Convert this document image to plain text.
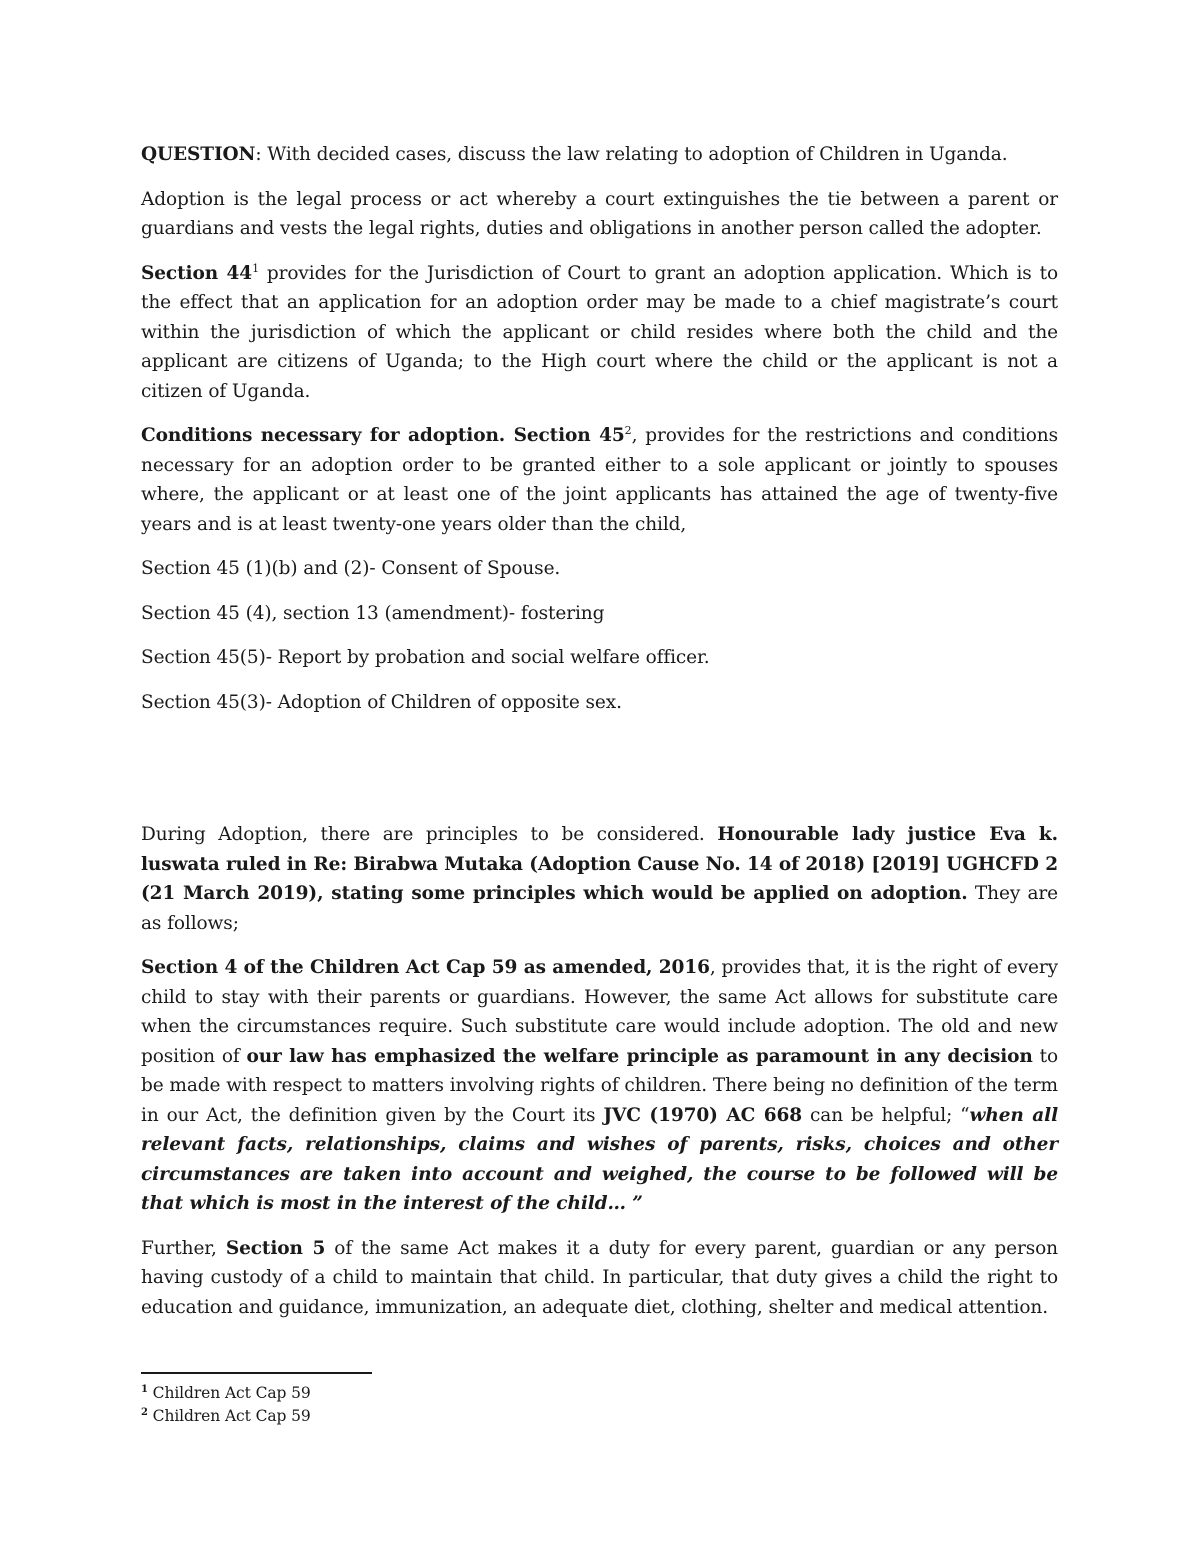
QUESTION: With decided cases, discuss the law relating to adoption of Children in Uganda.

Adoption is the legal process or act whereby a court extinguishes the tie between a parent or guardians and vests the legal rights, duties and obligations in another person called the adopter.

Section $44^1$ provides for the Jurisdiction of Court to grant an adoption application. Which is to the effect that an application for an adoption order may be made to a chief magistrate’s court within the jurisdiction of which the applicant or child resides where both the child and the applicant are citizens of Uganda; to the High court where the child or the applicant is not a citizen of Uganda.

Conditions necessary for adoption. Section $45^2$, provides for the restrictions and conditions necessary for an adoption order to be granted either to a sole applicant or jointly to spouses where, the applicant or at least one of the joint applicants has attained the age of twenty-five years and is at least twenty-one years older than the child,

Section 45 (1)(b) and (2)- Consent of Spouse.

Section 45 (4), section 13 (amendment)- fostering

Section 45(5)- Report by probation and social welfare officer.

Section 45(3)- Adoption of Children of opposite sex.

During Adoption, there are principles to be considered. Honourable lady justice Eva k. luswata ruled in Re: Birabwa Mutaka (Adoption Cause No. 14 of 2018) [2019] UGHCFD 2 (21 March 2019), stating some principles which would be applied on adoption. They are as follows;

Section 4 of the Children Act Cap 59 as amended, 2016, provides that, it is the right of every child to stay with their parents or guardians. However, the same Act allows for substitute care when the circumstances require. Such substitute care would include adoption. The old and new position of our law has emphasized the welfare principle as paramount in any decision to be made with respect to matters involving rights of children. There being no definition of the term in our Act, the definition given by the Court its JVC (1970) AC 668 can be helpful; “when all relevant facts, relationships, claims and wishes of parents, risks, choices and other circumstances are taken into account and weighed, the course to be followed will be that which is most in the interest of the child… ”

Further, Section 5 of the same Act makes it a duty for every parent, guardian or any person having custody of a child to maintain that child. In particular, that duty gives a child the right to education and guidance, immunization, an adequate diet, clothing, shelter and medical attention.

$^1$ Children Act Cap 59

$^2$ Children Act Cap 59
